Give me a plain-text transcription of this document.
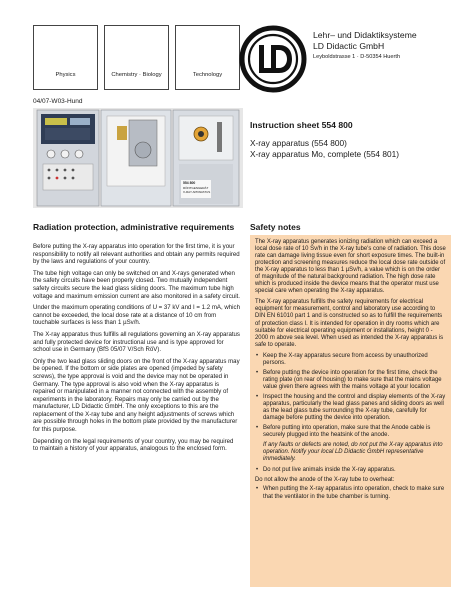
Physics	Chemistry · Biology	Technology
Lehr– und Didaktiksysteme
LD Didactic GmbH
Leyboldstrasse 1 · D-50354 Huerth
04/07-W03-Hund
554 800
RÖNTGENGERÄT
X-RAY APPARATUS
Instruction sheet 554 800
X-ray apparatus (554 800)
X-ray apparatus Mo, complete (554 801)
Radiation protection, administrative requirements

Before putting the X-ray apparatus into operation for the first time, it is your responsibility to notify all relevant authorities and obtain any permits required by the laws and regulations of your country.

The tube high voltage can only be switched on and X-rays generated when the safety circuits have been properly closed. Two mutually independent safety circuits secure the lead glass sliding doors. The maximum tube high voltage and maximum emission current are also monitored in a safety circuit.

Under the maximum operating conditions of U = 37 kV and I = 1.2 mA, which cannot be exceeded, the local dose rate at a distance of 10 cm from touchable surfaces is less than 1 µSv/h.

The X-ray apparatus thus fulfills all regulations governing an X-ray apparatus and fully protected device for instructional use and is type approved for school use in Germany (BfS 05/07 V/Sch RöV).

Only the two lead glass sliding doors on the front of the X-ray apparatus may be opened. If the bottom or side plates are opened (impeded by safety screws), the type approval is void and the device may not be operated in Germany. The type approval is also void when the X-ray apparatus is repaired or manipulated in a manner not connected with the assembly of experiments in the laboratory. Repairs may only be carried out by the manufacturer, LD Didactic GmbH. The only exceptions to this are the replacement of the X-ray tube and any height adjustments of screws which are possible through holes in the bottom plate provided by the manufacturer for this purpose.

Depending on the legal requirements of your country, you may be required to maintain a history of your apparatus, analogous to the enclosed form.

Safety notes

The X-ray apparatus generates ionizing radiation which can exceed a local dose rate of 10 Sv/h in the X-ray tube's cone of radiation. This dose rate can damage living tissue even for short exposure times. The built-in protection and screening measures reduce the local dose rate outside of the X-ray apparatus to less than 1 µSv/h, a value which is on the order of magnitude of the natural background radiation. The high dose rate which is produced inside the device means that the operator must use special care when operating the X-ray apparatus.

The X-ray apparatus fulfills the safety requirements for electrical equipment for measurement, control and laboratory use according to DIN EN 61010 part 1 and is constructed so as to fulfill the requirements of protection class I. It is intended for operation in dry rooms which are suitable for electrical operating equipment or installations, height 0 - 2000 m above sea level. When used as intended the X-ray apparatus is safe to operate.

• Keep the X-ray apparatus secure from access by unauthorized persons.
• Before putting the device into operation for the first time, check the rating plate (on rear of housing) to make sure that the mains voltage value given there agrees with the mains voltage at your location
• Inspect the housing and the control and display elements of the X-ray apparatus, particularly the lead glass panes and sliding doors as well as the lead glass tube surrounding the X-ray tube, carefully for damage before putting the device into operation.
• Before putting into operation, make sure that the Anode cable is securely plugged into the heatsink of the anode.

If any faults or defects are noted, do not put the X-ray apparatus into operation. Notify your local LD Didactic GmbH representative immediately.

• Do not put live animals inside the X-ray apparatus.

Do not allow the anode of the X-ray tube to overheat:

• When putting the X-ray apparatus into operation, check to make sure that the ventilator in the tube chamber is turning.
